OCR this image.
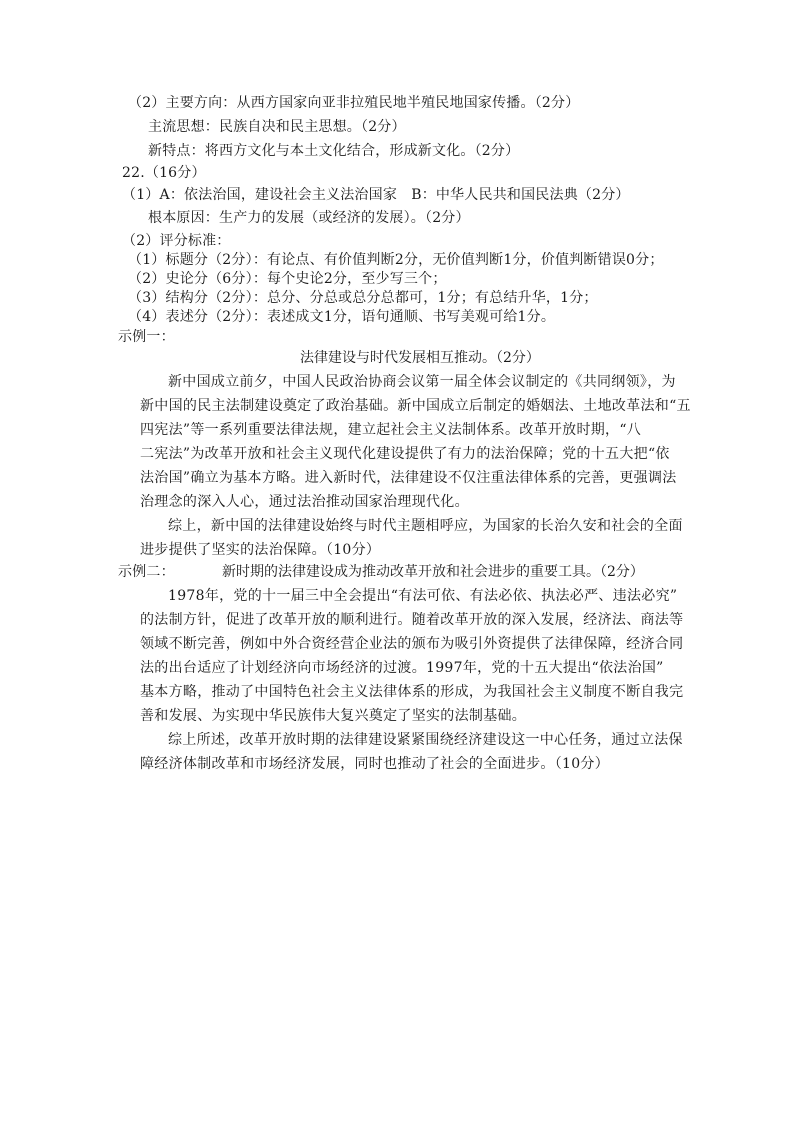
（2）主要方向：从西方国家向亚非拉殖民地半殖民地国家传播。（2分）
主流思想：民族自决和民主思想。（2分）
新特点：将西方文化与本土文化结合，形成新文化。（2分）
22.（16分）
（1）A：依法治国，建设社会主义法治国家　B：中华人民共和国民法典（2分）
根本原因：生产力的发展（或经济的发展）。（2分）
（2）评分标准：
（1）标题分（2分）：有论点、有价值判断2分，无价值判断1分，价值判断错误0分；
（2）史论分（6分）：每个史论2分，至少写三个；
（3）结构分（2分）：总分、分总或总分总都可，1分；有总结升华，1分；
（4）表述分（2分）：表述成文1分，语句通顺、书写美观可给1分。
示例一：
法律建设与时代发展相互推动。（2分）
新中国成立前夕，中国人民政治协商会议第一届全体会议制定的《共同纲领》，为
新中国的民主法制建设奠定了政治基础。新中国成立后制定的婚姻法、土地改革法和“五
四宪法”等一系列重要法律法规，建立起社会主义法制体系。改革开放时期，“八
二宪法”为改革开放和社会主义现代化建设提供了有力的法治保障；党的十五大把“依
法治国”确立为基本方略。进入新时代，法律建设不仅注重法律体系的完善，更强调法
治理念的深入人心，通过法治推动国家治理现代化。
综上，新中国的法律建设始终与时代主题相呼应，为国家的长治久安和社会的全面
进步提供了坚实的法治保障。（10分）
示例二：	新时期的法律建设成为推动改革开放和社会进步的重要工具。（2分）
1978年，党的十一届三中全会提出“有法可依、有法必依、执法必严、违法必究”
的法制方针，促进了改革开放的顺利进行。随着改革开放的深入发展，经济法、商法等
领域不断完善，例如中外合资经营企业法的颁布为吸引外资提供了法律保障，经济合同
法的出台适应了计划经济向市场经济的过渡。1997年，党的十五大提出“依法治国”
基本方略，推动了中国特色社会主义法律体系的形成，为我国社会主义制度不断自我完
善和发展、为实现中华民族伟大复兴奠定了坚实的法制基础。
综上所述，改革开放时期的法律建设紧紧围绕经济建设这一中心任务，通过立法保
障经济体制改革和市场经济发展，同时也推动了社会的全面进步。（10分）
